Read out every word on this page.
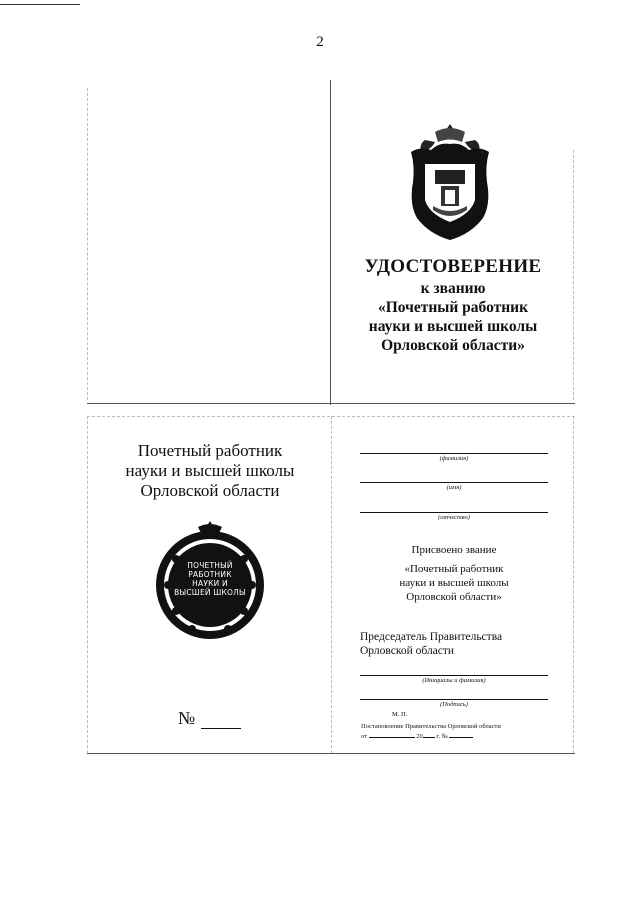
2
УДОСТОВЕРЕНИЕ
к званию
«Почетный работник
науки и высшей школы
Орловской области»
Почетный работник
науки и высшей школы
Орловской области
ПОЧЕТНЫЙ
РАБОТНИК
НАУКИ И
ВЫСШЕЙ ШКОЛЫ
№
(фамилия)
(имя)
(отчество)
Присвоено звание
«Почетный работник
науки и высшей школы
Орловской области»
Председатель Правительства
Орловской области
(Инициалы и фамилия)
(Подпись)
М. П.
Постановление Правительства Орловской области
от	20 г. №
